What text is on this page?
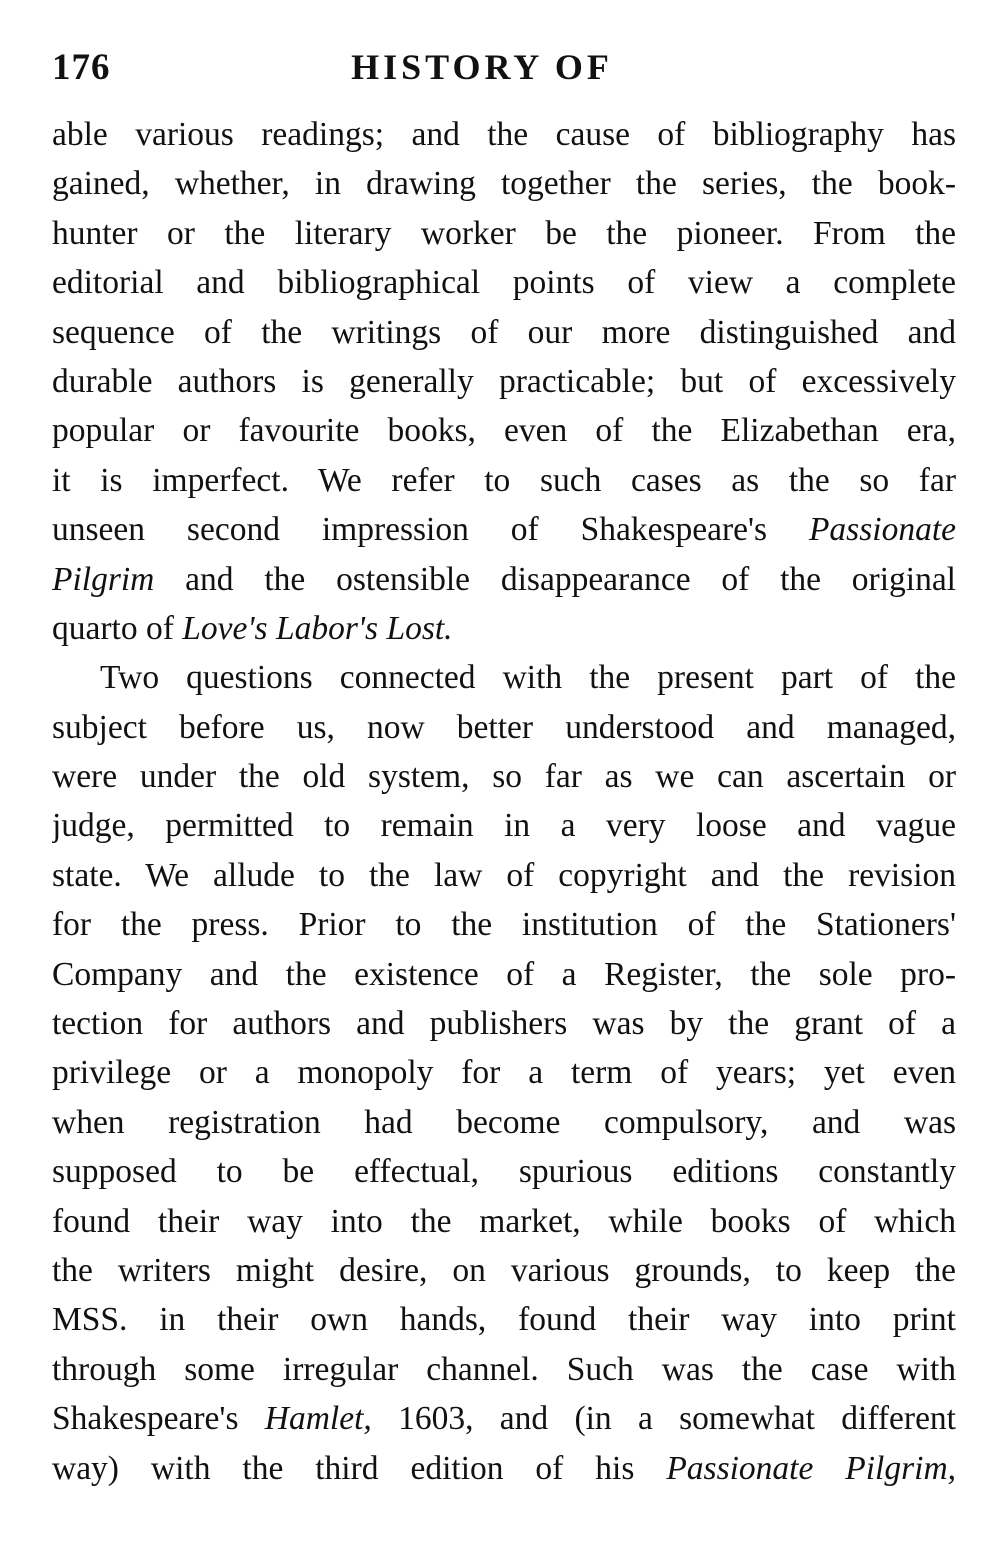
176	HISTORY OF
able various readings; and the cause of bibliography has
gained, whether, in drawing together the series, the book-
hunter or the literary worker be the pioneer. From the
editorial and bibliographical points of view a complete
sequence of the writings of our more distinguished and
durable authors is generally practicable; but of excessively
popular or favourite books, even of the Elizabethan era,
it is imperfect. We refer to such cases as the so far
unseen second impression of Shakespeare's Passionate
Pilgrim and the ostensible disappearance of the original
quarto of Love's Labor's Lost.
Two questions connected with the present part of the
subject before us, now better understood and managed,
were under the old system, so far as we can ascertain or
judge, permitted to remain in a very loose and vague
state. We allude to the law of copyright and the revision
for the press. Prior to the institution of the Stationers'
Company and the existence of a Register, the sole pro-
tection for authors and publishers was by the grant of a
privilege or a monopoly for a term of years; yet even
when registration had become compulsory, and was
supposed to be effectual, spurious editions constantly
found their way into the market, while books of which
the writers might desire, on various grounds, to keep the
MSS. in their own hands, found their way into print
through some irregular channel. Such was the case with
Shakespeare's Hamlet, 1603, and (in a somewhat different
way) with the third edition of his Passionate Pilgrim,
